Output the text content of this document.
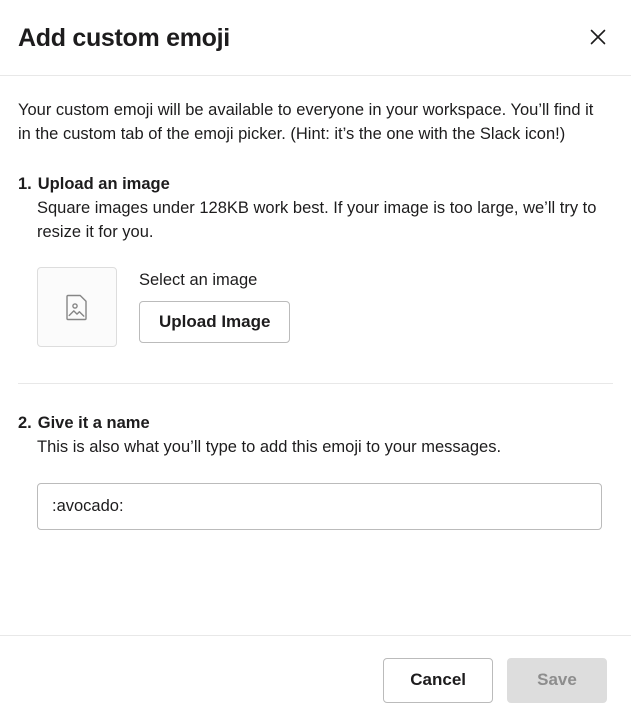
Add custom emoji

Your custom emoji will be available to everyone in your workspace. You’ll find it in the custom tab of the emoji picker. (Hint: it’s the one with the Slack icon!)

1. Upload an image
Square images under 128KB work best. If your image is too large, we’ll try to resize it for you.
Select an image
Upload Image
2. Give it a name
This is also what you’ll type to add this emoji to your messages.
:avocado:
Cancel	Save
